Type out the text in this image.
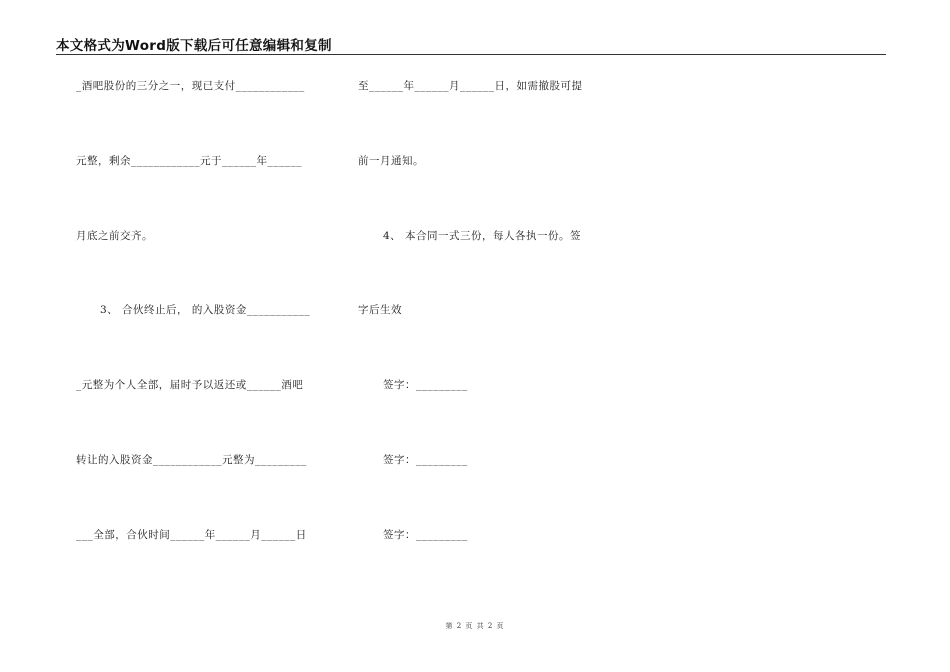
本文格式为Word版下载后可任意编辑和复制
_酒吧股份的三分之一，现已支付____________
元整，剩余____________元于______年______
月底之前交齐。
3、 合伙终止后， 的入股资金___________
_元整为个人全部，届时予以返还或______酒吧
转让的入股资金____________元整为_________
___全部，合伙时间______年______月______日
至______年______月______日，如需撤股可提
前一月通知。
4、 本合同一式三份，每人各执一份。签
字后生效
签字：_________
签字：_________
签字：_________
第 2 页 共 2 页
